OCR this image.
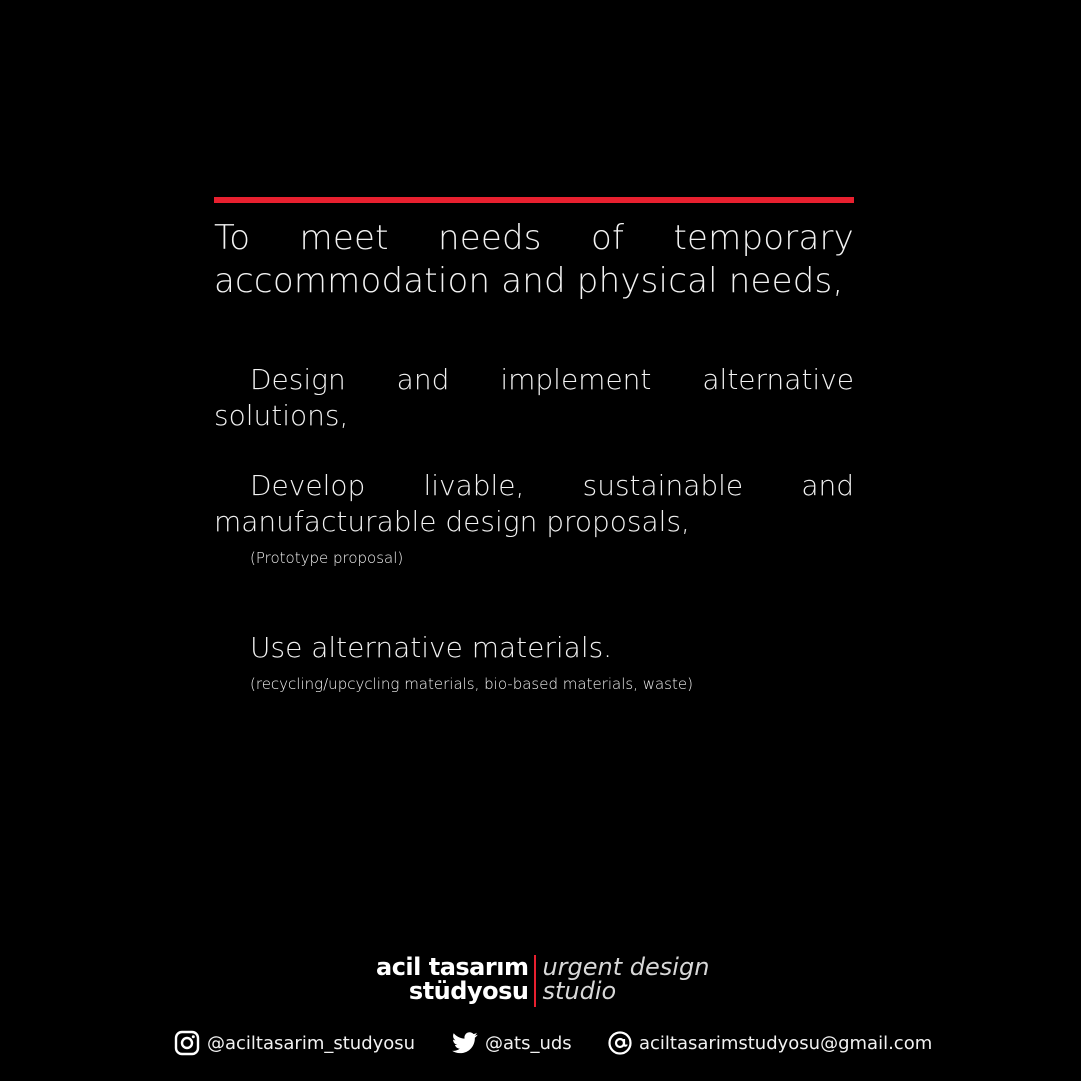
To meet needs of temporary accommodation and physical needs,

Design and implement alternative solutions,
Develop livable, sustainable and manufacturable design proposals,
(Prototype proposal)
Use alternative materials.
(recycling/upcycling materials, bio-based materials, waste)
acil tasarım
stüdyosu
urgent design
studio
@aciltasarim_studyosu	@ats_uds	aciltasarimstudyosu@gmail.com
